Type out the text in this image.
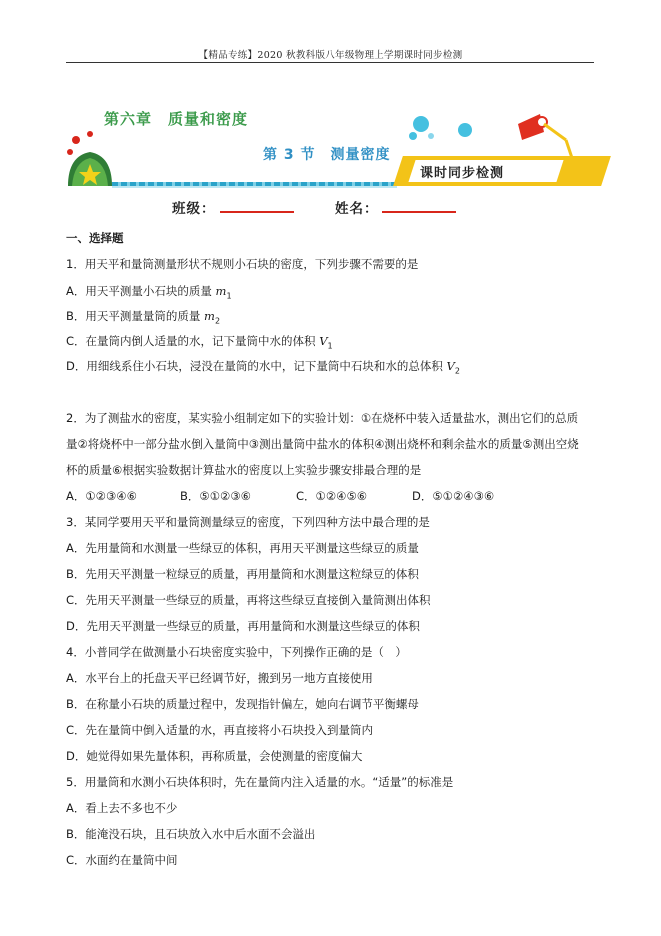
【精品专练】2020 秋教科版八年级物理上学期课时同步检测
课时同步检测
第六章　质量和密度
第 3 节　测量密度
班级：	姓名：
一、选择题
1．用天平和量筒测量形状不规则小石块的密度，下列步骤不需要的是
A．用天平测量小石块的质量 $m_1$
B．用天平测量量筒的质量 $m_2$
C．在量筒内倒人适量的水，记下量筒中水的体积 $V_1$
D．用细线系住小石块，浸没在量筒的水中，记下量筒中石块和水的总体积 $V_2$
2．为了测盐水的密度，某实验小组制定如下的实验计划：①在烧杯中装入适量盐水，测出它们的总质
量②将烧杯中一部分盐水倒入量筒中③测出量筒中盐水的体积④测出烧杯和剩余盐水的质量⑤测出空烧
杯的质量⑥根据实验数据计算盐水的密度以上实验步骤安排最合理的是
A．①②③④⑥	B．⑤①②③⑥	C．①②④⑤⑥	D．⑤①②④③⑥
3．某同学要用天平和量筒测量绿豆的密度，下列四种方法中最合理的是
A．先用量筒和水测量一些绿豆的体积，再用天平测量这些绿豆的质量
B．先用天平测量一粒绿豆的质量，再用量筒和水测量这粒绿豆的体积
C．先用天平测量一些绿豆的质量，再将这些绿豆直接倒入量筒测出体积
D．先用天平测量一些绿豆的质量，再用量筒和水测量这些绿豆的体积
4．小普同学在做测量小石块密度实验中，下列操作正确的是（　）
A．水平台上的托盘天平已经调节好，搬到另一地方直接使用
B．在称量小石块的质量过程中，发现指针偏左，她向右调节平衡螺母
C．先在量筒中倒入适量的水，再直接将小石块投入到量筒内
D．她觉得如果先量体积，再称质量，会使测量的密度偏大
5．用量筒和水测小石块体积时，先在量筒内注入适量的水。“适量”的标准是
A．看上去不多也不少
B．能淹没石块，且石块放入水中后水面不会溢出
C．水面约在量筒中间
